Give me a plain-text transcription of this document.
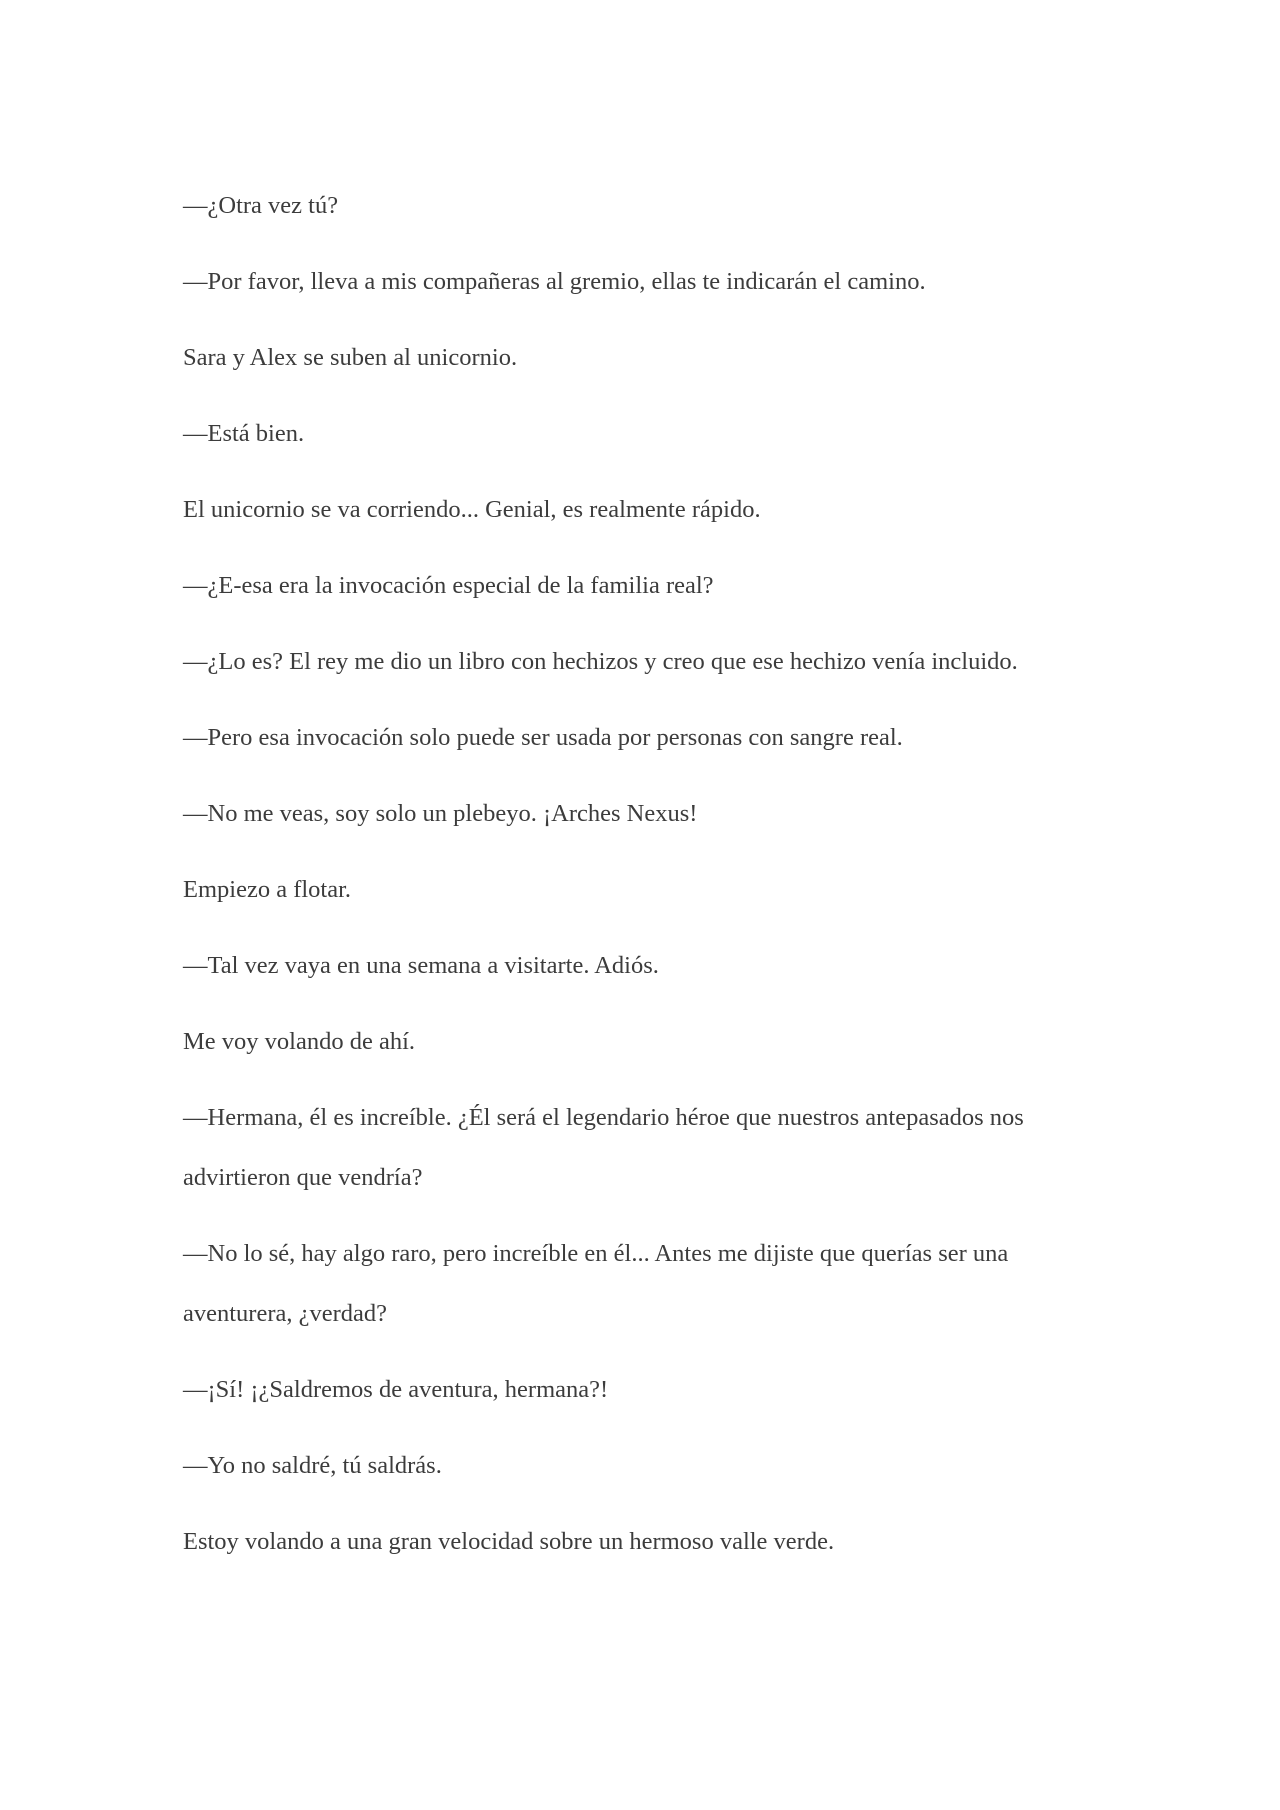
—¿Otra vez tú?

—Por favor, lleva a mis compañeras al gremio, ellas te indicarán el camino.

Sara y Alex se suben al unicornio.

—Está bien.

El unicornio se va corriendo... Genial, es realmente rápido.

—¿E-esa era la invocación especial de la familia real?

—¿Lo es? El rey me dio un libro con hechizos y creo que ese hechizo venía incluido.

—Pero esa invocación solo puede ser usada por personas con sangre real.

—No me veas, soy solo un plebeyo. ¡Arches Nexus!

Empiezo a flotar.

—Tal vez vaya en una semana a visitarte. Adiós.

Me voy volando de ahí.

—Hermana, él es increíble. ¿Él será el legendario héroe que nuestros antepasados nos advirtieron que vendría?

—No lo sé, hay algo raro, pero increíble en él... Antes me dijiste que querías ser una aventurera, ¿verdad?

—¡Sí! ¡¿Saldremos de aventura, hermana?!

—Yo no saldré, tú saldrás.

Estoy volando a una gran velocidad sobre un hermoso valle verde.
